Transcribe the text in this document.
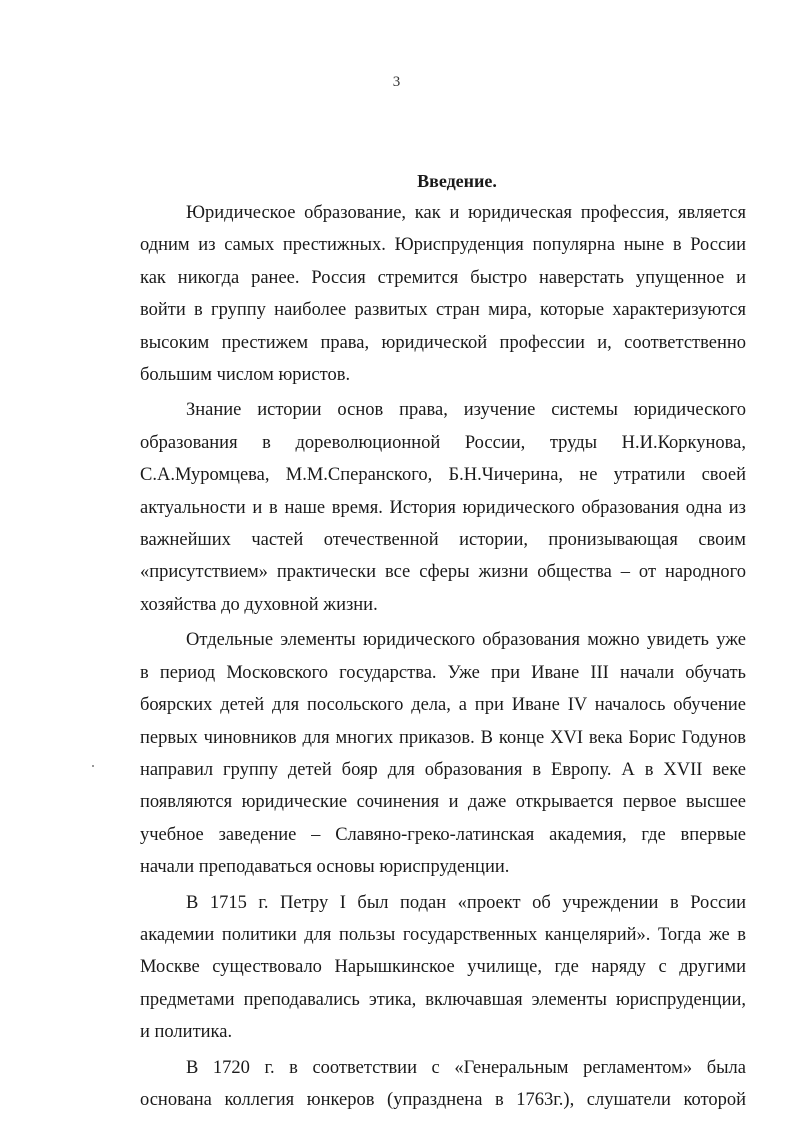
3
Введение.
Юридическое образование, как и юридическая профессия, является
одним из самых престижных. Юриспруденция популярна ныне в России
как никогда ранее. Россия стремится быстро наверстать упущенное и
войти в группу наиболее развитых стран мира, которые характеризуются
высоким престижем права, юридической профессии и, соответственно
большим числом юристов.
Знание истории основ права, изучение системы юридического
образования в дореволюционной России, труды Н.И.Коркунова,
С.А.Муромцева, М.М.Сперанского, Б.Н.Чичерина, не утратили своей
актуальности и в наше время. История юридического образования одна из
важнейших частей отечественной истории, пронизывающая своим
«присутствием» практически все сферы жизни общества – от народного
хозяйства до духовной жизни.
Отдельные элементы юридического образования можно увидеть уже
в период Московского государства. Уже при Иване III начали обучать
боярских детей для посольского дела, а при Иване IV началось обучение
первых чиновников для многих приказов. В конце XVI века Борис Годунов
направил группу детей бояр для образования в Европу. А в XVII веке
появляются юридические сочинения и даже открывается первое высшее
учебное заведение – Славяно-греко-латинская академия, где впервые
начали преподаваться основы юриспруденции.
В 1715 г. Петру I был подан «проект об учреждении в России
академии политики для пользы государственных канцелярий». Тогда же в
Москве существовало Нарышкинское училище, где наряду с другими
предметами преподавались этика, включавшая элементы юриспруденции,
и политика.
В 1720 г. в соответствии с «Генеральным регламентом» была
основана коллегия юнкеров (упразднена в 1763г.), слушатели которой
